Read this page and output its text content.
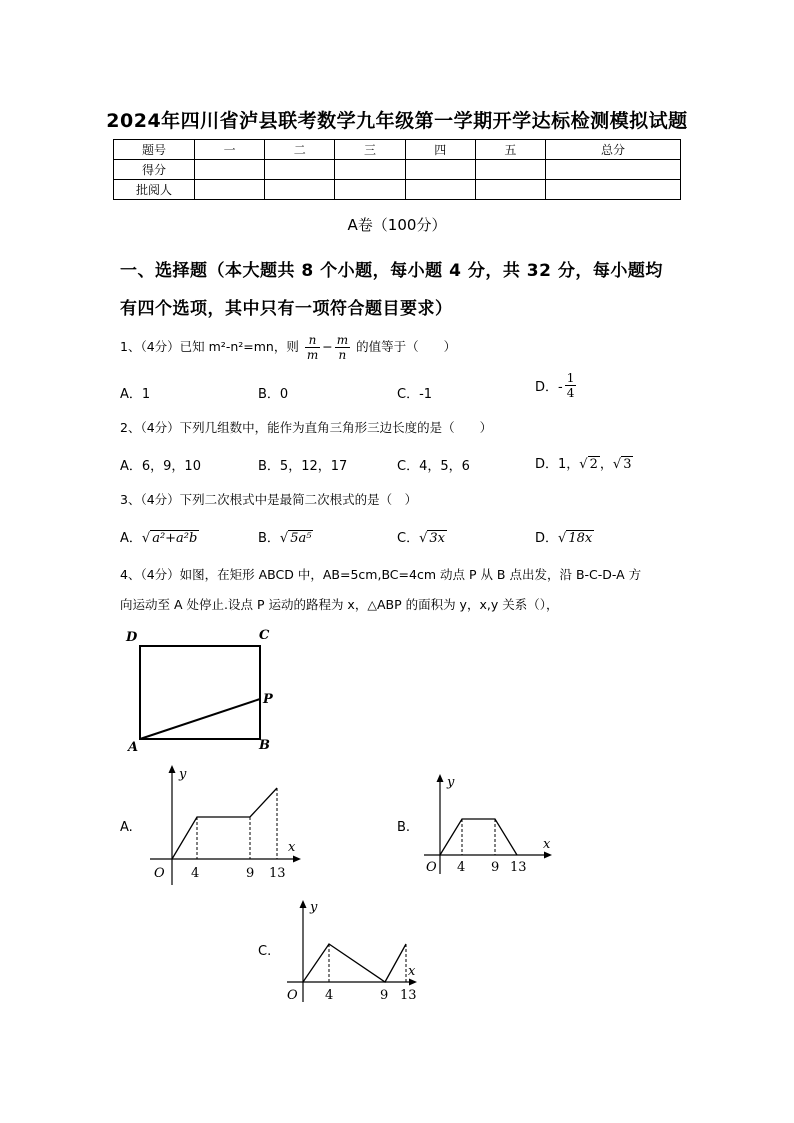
2024年四川省泸县联考数学九年级第一学期开学达标检测模拟试题
题号	一	二	三	四	五	总分
得分						
批阅人						
A卷（100分）
一、选择题（本大题共 8 个小题，每小题 4 分，共 32 分，每小题均
有四个选项，其中只有一项符合题目要求）
1、（4分）已知 m²-n²=mn，则 $\frac{n}{m} - \frac{m}{n}$ 的值等于（　　）
A．1	B．0	C．-1	D．- $\frac{1}{4}$
2、（4分）下列几组数中，能作为直角三角形三边长度的是（　　）
A．6，9，10	B．5，12，17	C．4，5，6	D．1，√ 2 ，√ 3
3、（4分）下列二次根式中是最简二次根式的是（　）
A．√ a²+a²b	B．√ 5a⁵	C．√ 3x	D．√ 18x
4、（4分）如图，在矩形 ABCD 中，AB=5cm,BC=4cm 动点 P 从 B 点出发，沿 B-C-D-A 方
向运动至 A 处停止.设点 P 运动的路程为 x，△ABP 的面积为 y，x,y 关系（），
D	C
P
A	B
A.
y
x
O 4	9 13
B.
y
x
O 4 9 13
C.
y
x
O 4	9 13
